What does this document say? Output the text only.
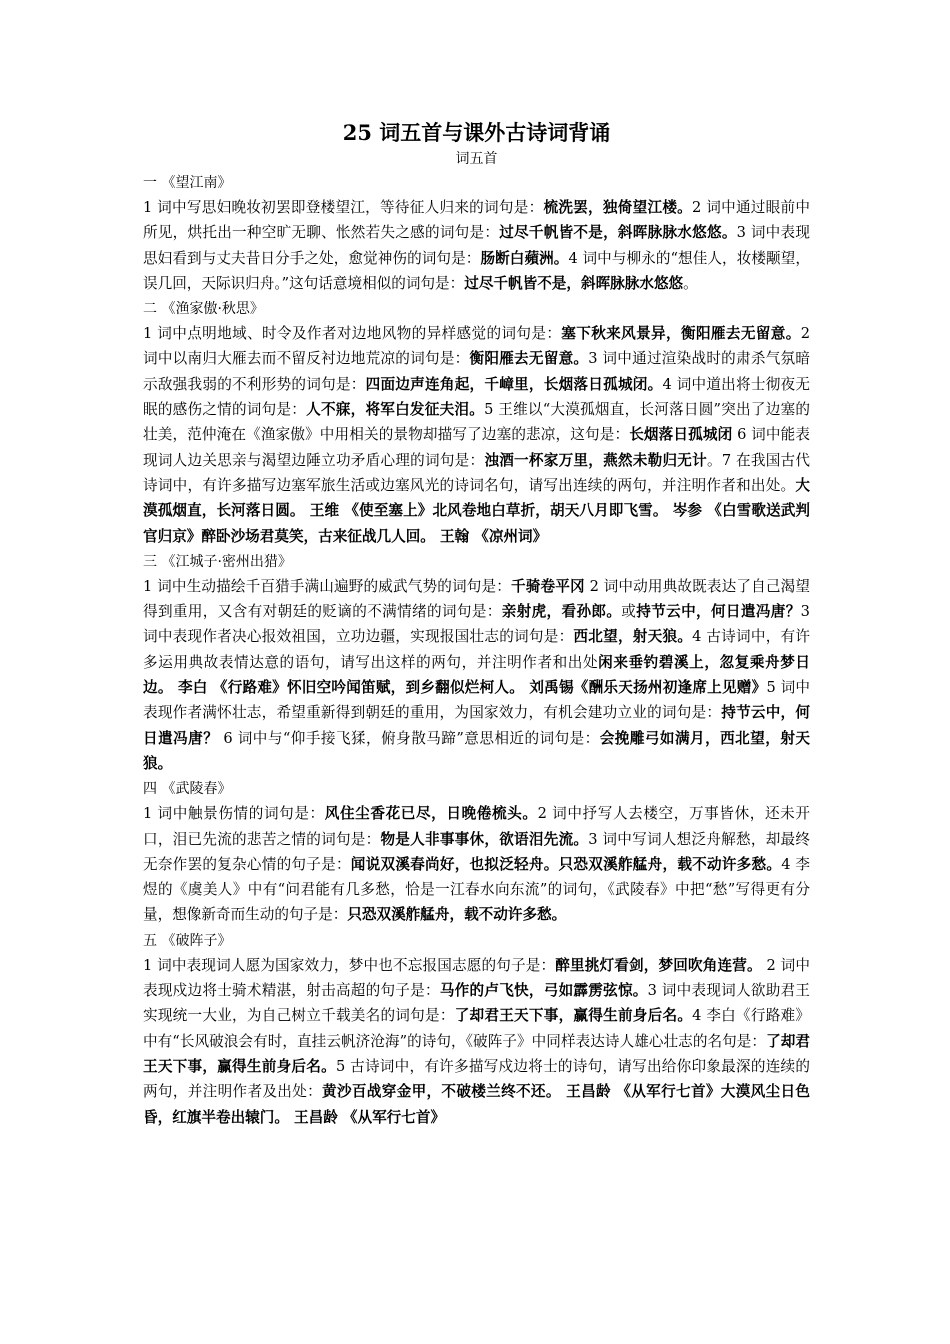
25 词五首与课外古诗词背诵
词五首
一 《望江南》

1 词中写思妇晚妆初罢即登楼望江，等待征人归来的词句是：梳洗罢，独倚望江楼。2 词中通过眼前中所见，烘托出一种空旷无聊、怅然若失之感的词句是：过尽千帆皆不是，斜晖脉脉水悠悠。3 词中表现思妇看到与丈夫昔日分手之处，愈觉神伤的词句是：肠断白蘋洲。4 词中与柳永的“想佳人，妆楼颙望，误几回，天际识归舟。”这句话意境相似的词句是：过尽千帆皆不是，斜晖脉脉水悠悠。

二 《渔家傲·秋思》

1 词中点明地域、时令及作者对边地风物的异样感觉的词句是：塞下秋来风景异，衡阳雁去无留意。2 词中以南归大雁去而不留反衬边地荒凉的词句是：衡阳雁去无留意。3 词中通过渲染战时的肃杀气氛暗示敌强我弱的不利形势的词句是：四面边声连角起，千嶂里，长烟落日孤城闭。4 词中道出将士彻夜无眠的感伤之情的词句是：人不寐，将军白发征夫泪。5 王维以“大漠孤烟直，长河落日圆”突出了边塞的壮美，范仲淹在《渔家傲》中用相关的景物却描写了边塞的悲凉，这句是：长烟落日孤城闭 6 词中能表现词人边关思亲与渴望边陲立功矛盾心理的词句是：浊酒一杯家万里，燕然未勒归无计。7 在我国古代诗词中，有许多描写边塞军旅生活或边塞风光的诗词名句，请写出连续的两句，并注明作者和出处。大漠孤烟直，长河落日圆。 王维 《使至塞上》北风卷地白草折，胡天八月即飞雪。 岑参 《白雪歌送武判官归京》醉卧沙场君莫笑，古来征战几人回。 王翰 《凉州词》

三 《江城子·密州出猎》

1 词中生动描绘千百猎手满山遍野的威武气势的词句是：千骑卷平冈 2 词中动用典故既表达了自己渴望得到重用，又含有对朝廷的贬谪的不满情绪的词句是：亲射虎，看孙郎。或持节云中，何日遣冯唐？3 词中表现作者决心报效祖国，立功边疆，实现报国壮志的词句是：西北望，射天狼。4 古诗词中，有许多运用典故表情达意的语句，请写出这样的两句，并注明作者和出处闲来垂钓碧溪上，忽复乘舟梦日边。 李白 《行路难》怀旧空吟闻笛赋，到乡翻似烂柯人。 刘禹锡《酬乐天扬州初逢席上见赠》5 词中表现作者满怀壮志，希望重新得到朝廷的重用，为国家效力，有机会建功立业的词句是：持节云中，何日遣冯唐？ 6 词中与“仰手接飞猱，俯身散马蹄”意思相近的词句是：会挽雕弓如满月，西北望，射天狼。

四 《武陵春》

1 词中触景伤情的词句是：风住尘香花已尽，日晚倦梳头。2 词中抒写人去楼空，万事皆休，还未开口，泪已先流的悲苦之情的词句是：物是人非事事休，欲语泪先流。3 词中写词人想泛舟解愁，却最终无奈作罢的复杂心情的句子是：闻说双溪春尚好，也拟泛轻舟。只恐双溪舴艋舟，载不动许多愁。4 李煜的《虞美人》中有“问君能有几多愁，恰是一江春水向东流”的词句，《武陵春》中把“愁”写得更有分量，想像新奇而生动的句子是：只恐双溪舴艋舟，载不动许多愁。

五 《破阵子》

1 词中表现词人愿为国家效力，梦中也不忘报国志愿的句子是：醉里挑灯看剑，梦回吹角连营。 2 词中表现戍边将士骑术精湛，射击高超的句子是：马作的卢飞快，弓如霹雳弦惊。3 词中表现词人欲助君王实现统一大业，为自己树立千载美名的词句是：了却君王天下事，赢得生前身后名。4 李白《行路难》中有“长风破浪会有时，直挂云帆济沧海”的诗句，《破阵子》中同样表达诗人雄心壮志的名句是：了却君王天下事，赢得生前身后名。5 古诗词中，有许多描写戍边将士的诗句，请写出给你印象最深的连续的两句，并注明作者及出处：黄沙百战穿金甲，不破楼兰终不还。 王昌龄 《从军行七首》大漠风尘日色昏，红旗半卷出辕门。 王昌龄 《从军行七首》
